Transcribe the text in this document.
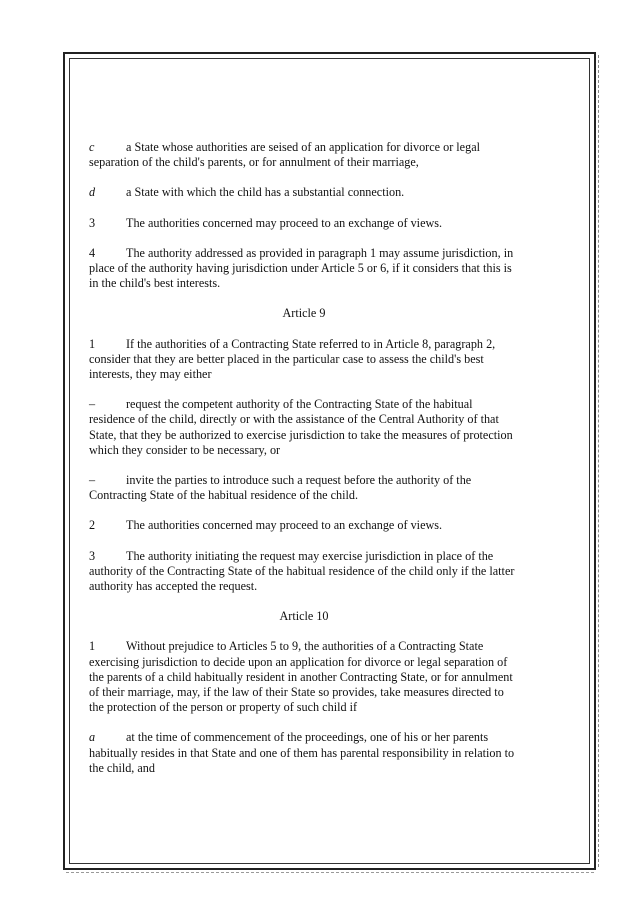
c	a State whose authorities are seised of an application for divorce or legal separation of the child's parents, or for annulment of their marriage,

d	a State with which the child has a substantial connection.

3	The authorities concerned may proceed to an exchange of views.

4	The authority addressed as provided in paragraph 1 may assume jurisdiction, in place of the authority having jurisdiction under Article 5 or 6, if it considers that this is in the child's best interests.

Article 9

1	If the authorities of a Contracting State referred to in Article 8, paragraph 2, consider that they are better placed in the particular case to assess the child's best interests, they may either

–	request the competent authority of the Contracting State of the habitual residence of the child, directly or with the assistance of the Central Authority of that State, that they be authorized to exercise jurisdiction to take the measures of protection which they consider to be necessary, or

–	invite the parties to introduce such a request before the authority of the Contracting State of the habitual residence of the child.

2	The authorities concerned may proceed to an exchange of views.

3	The authority initiating the request may exercise jurisdiction in place of the authority of the Contracting State of the habitual residence of the child only if the latter authority has accepted the request.

Article 10

1	Without prejudice to Articles 5 to 9, the authorities of a Contracting State exercising jurisdiction to decide upon an application for divorce or legal separation of the parents of a child habitually resident in another Contracting State, or for annulment of their marriage, may, if the law of their State so provides, take measures directed to the protection of the person or property of such child if

a	at the time of commencement of the proceedings, one of his or her parents habitually resides in that State and one of them has parental responsibility in relation to the child, and
